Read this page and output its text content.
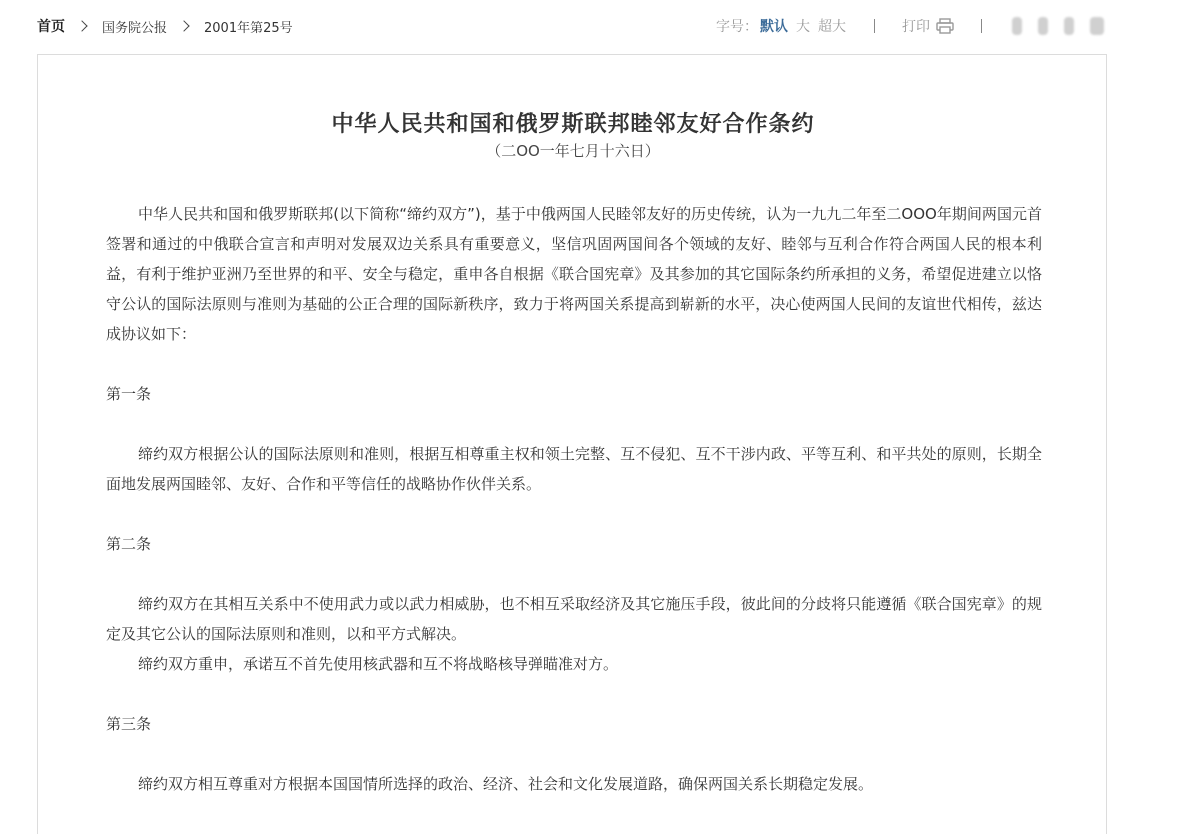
首页	国务院公报	2001年第25号	字号： 默认 大 超大	打印
中华人民共和国和俄罗斯联邦睦邻友好合作条约
（二OO一年七月十六日）

中华人民共和国和俄罗斯联邦(以下简称“缔约双方”)，基于中俄两国人民睦邻友好的历史传统，认为一九九二年至二OOO年期间两国元首签署和通过的中俄联合宣言和声明对发展双边关系具有重要意义，坚信巩固两国间各个领域的友好、睦邻与互利合作符合两国人民的根本利益，有利于维护亚洲乃至世界的和平、安全与稳定，重申各自根据《联合国宪章》及其参加的其它国际条约所承担的义务，希望促进建立以恪守公认的国际法原则与准则为基础的公正合理的国际新秩序，致力于将两国关系提高到崭新的水平，决心使两国人民间的友谊世代相传，兹达成协议如下：

第一条

缔约双方根据公认的国际法原则和准则，根据互相尊重主权和领土完整、互不侵犯、互不干涉内政、平等互利、和平共处的原则，长期全面地发展两国睦邻、友好、合作和平等信任的战略协作伙伴关系。

第二条

缔约双方在其相互关系中不使用武力或以武力相威胁，也不相互采取经济及其它施压手段，彼此间的分歧将只能遵循《联合国宪章》的规定及其它公认的国际法原则和准则，以和平方式解决。

缔约双方重申，承诺互不首先使用核武器和互不将战略核导弹瞄准对方。

第三条

缔约双方相互尊重对方根据本国国情所选择的政治、经济、社会和文化发展道路，确保两国关系长期稳定发展。
